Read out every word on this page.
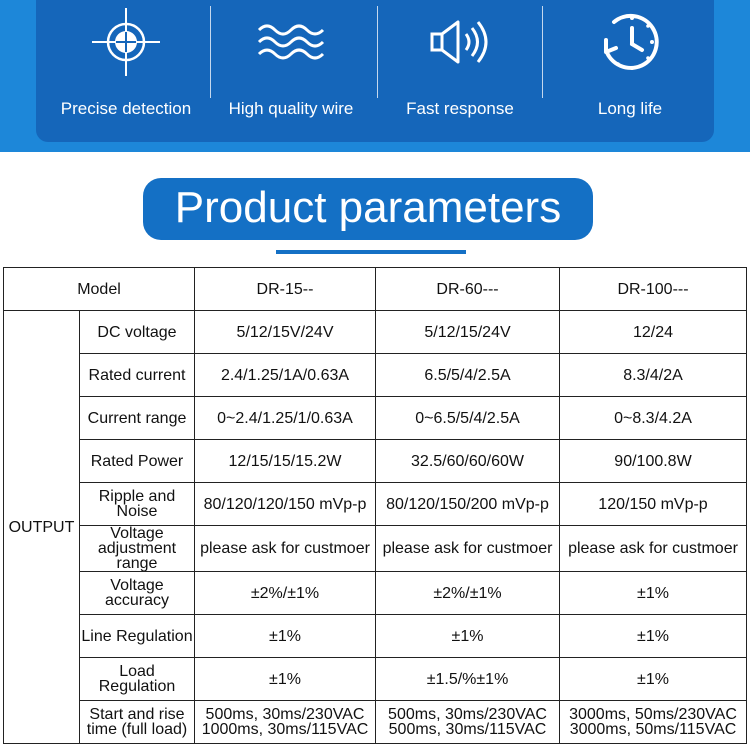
Precise detection	High quality wire	Fast response	Long life
Product parameters
Model		DR-15--	DR-60---	DR-100---
OUTPUT	DC voltage	5/12/15V/24V	5/12/15/24V	12/24
	Rated current	2.4/1.25/1A/0.63A	6.5/5/4/2.5A	8.3/4/2A
	Current range	0~2.4/1.25/1/0.63A	0~6.5/5/4/2.5A	0~8.3/4.2A
	Rated Power	12/15/15/15.2W	32.5/60/60/60W	90/100.8W
	Ripple and Noise	80/120/120/150 mVp-p	80/120/150/200 mVp-p	120/150 mVp-p
	Voltage adjustment range	please ask for custmoer	please ask for custmoer	please ask for custmoer
	Voltage accuracy	±2%/±1%	±2%/±1%	±1%
	Line Regulation	±1%	±1%	±1%
	Load Regulation	±1%	±1.5/%±1%	±1%
	Start and rise time (full load)	500ms, 30ms/230VAC 1000ms, 30ms/115VAC	500ms, 30ms/230VAC 500ms, 30ms/115VAC	3000ms, 50ms/230VAC 3000ms, 50ms/115VAC
